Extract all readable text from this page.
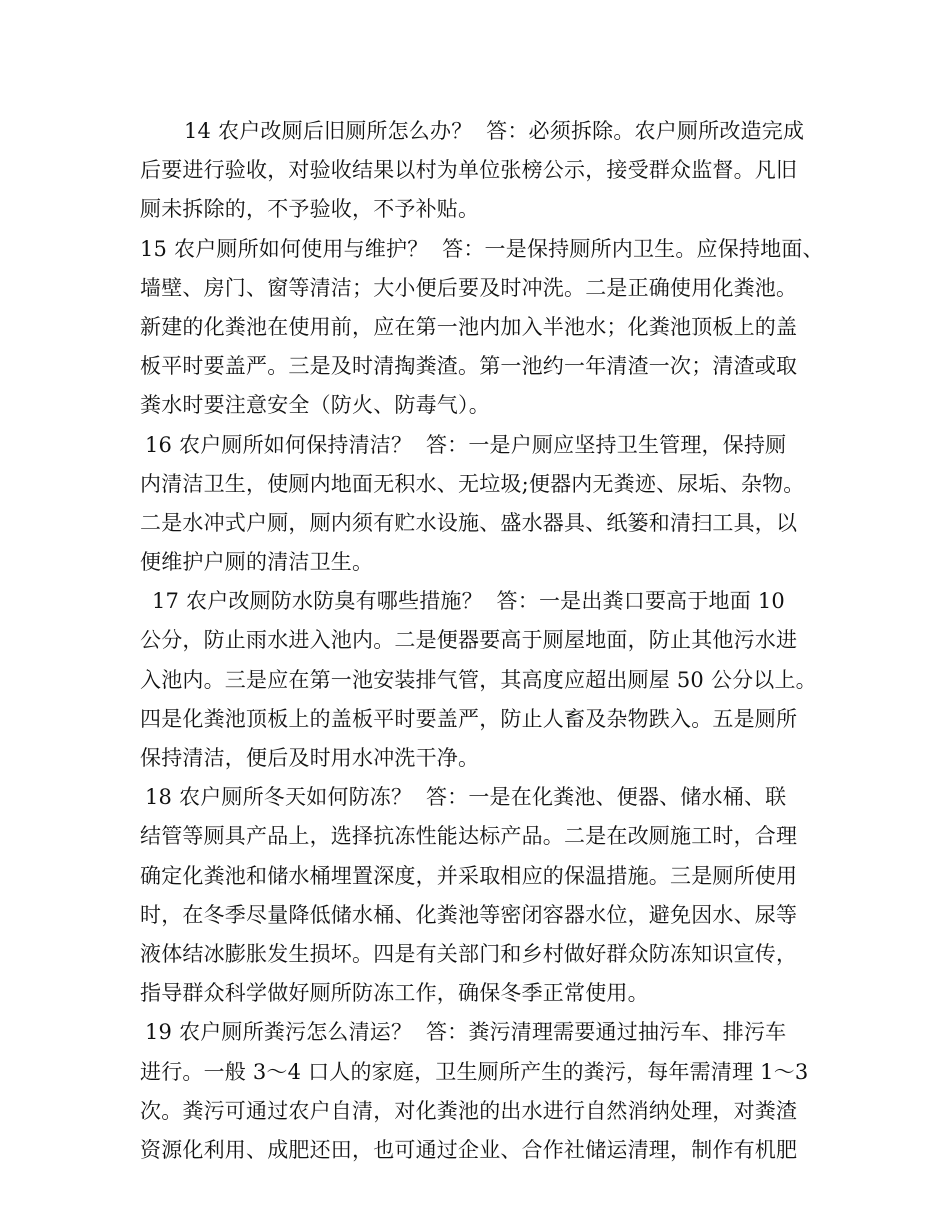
14 农户改厕后旧厕所怎么办？  答：必须拆除。农户厕所改造完成
后要进行验收，对验收结果以村为单位张榜公示，接受群众监督。凡旧
厕未拆除的，不予验收，不予补贴。
15 农户厕所如何使用与维护？  答：一是保持厕所内卫生。应保持地面、
墙壁、房门、窗等清洁；大小便后要及时冲洗。二是正确使用化粪池。
新建的化粪池在使用前，应在第一池内加入半池水；化粪池顶板上的盖
板平时要盖严。三是及时清掏粪渣。第一池约一年清渣一次；清渣或取
粪水时要注意安全（防火、防毒气）。
16 农户厕所如何保持清洁？  答：一是户厕应坚持卫生管理，保持厕
内清洁卫生，使厕内地面无积水、无垃圾;便器内无粪迹、尿垢、杂物。
二是水冲式户厕，厕内须有贮水设施、盛水器具、纸篓和清扫工具，以
便维护户厕的清洁卫生。
17 农户改厕防水防臭有哪些措施？  答：一是出粪口要高于地面 10
公分，防止雨水进入池内。二是便器要高于厕屋地面，防止其他污水进
入池内。三是应在第一池安装排气管，其高度应超出厕屋 50 公分以上。
四是化粪池顶板上的盖板平时要盖严，防止人畜及杂物跌入。五是厕所
保持清洁，便后及时用水冲洗干净。
18 农户厕所冬天如何防冻？  答：一是在化粪池、便器、储水桶、联
结管等厕具产品上，选择抗冻性能达标产品。二是在改厕施工时，合理
确定化粪池和储水桶埋置深度，并采取相应的保温措施。三是厕所使用
时，在冬季尽量降低储水桶、化粪池等密闭容器水位，避免因水、尿等
液体结冰膨胀发生损坏。四是有关部门和乡村做好群众防冻知识宣传，
指导群众科学做好厕所防冻工作，确保冬季正常使用。
19 农户厕所粪污怎么清运？  答：粪污清理需要通过抽污车、排污车
进行。一般 3～4 口人的家庭，卫生厕所产生的粪污，每年需清理 1～3
次。粪污可通过农户自清，对化粪池的出水进行自然消纳处理，对粪渣
资源化利用、成肥还田，也可通过企业、合作社储运清理，制作有机肥
